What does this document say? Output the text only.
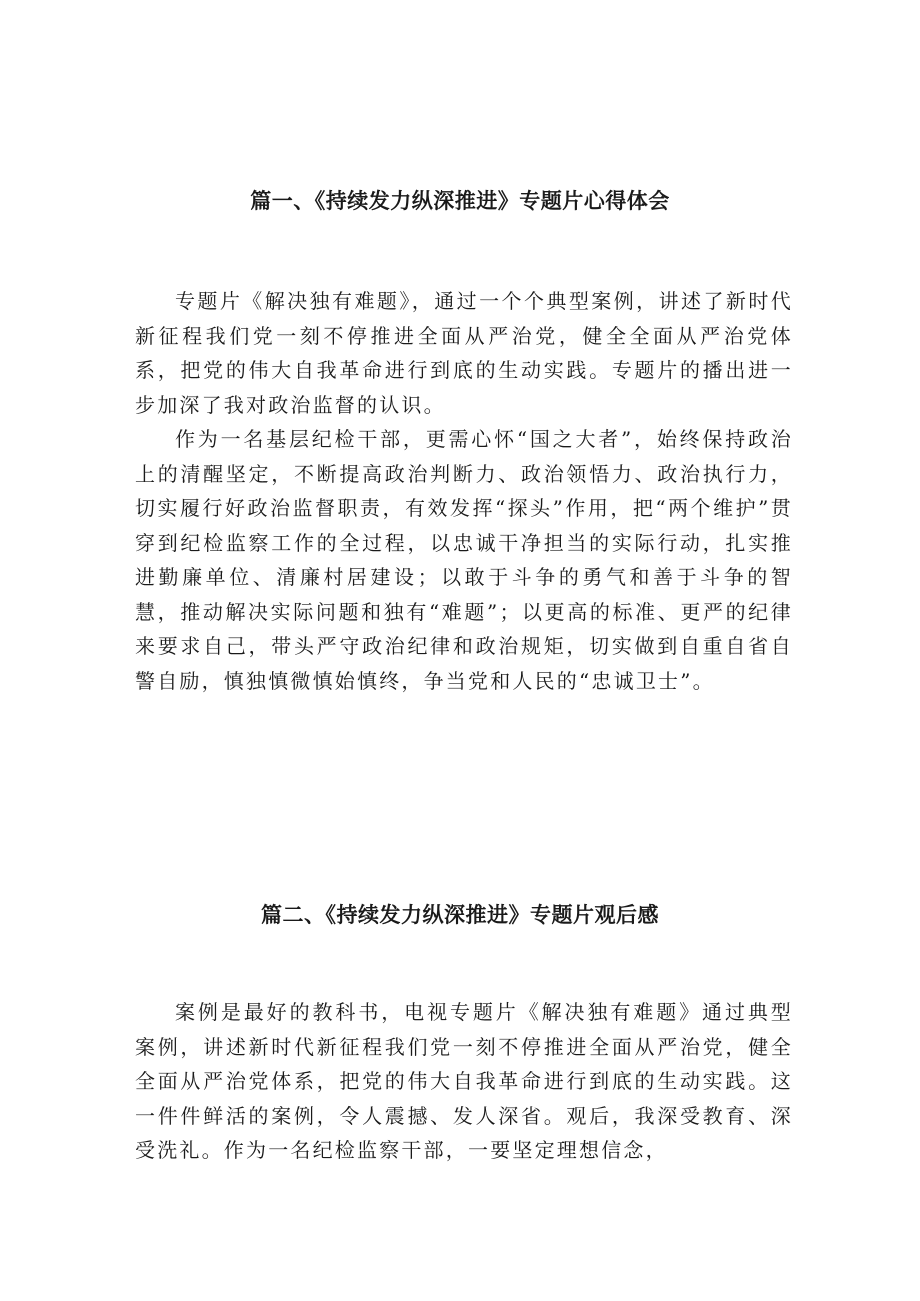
篇一、《持续发力纵深推进》专题片心得体会

专题片《解决独有难题》，通过一个个典型案例，讲述了新时代新征程我们党一刻不停推进全面从严治党，健全全面从严治党体系，把党的伟大自我革命进行到底的生动实践。专题片的播出进一步加深了我对政治监督的认识。

作为一名基层纪检干部，更需心怀“国之大者”，始终保持政治上的清醒坚定，不断提高政治判断力、政治领悟力、政治执行力，切实履行好政治监督职责，有效发挥“探头”作用，把“两个维护”贯穿到纪检监察工作的全过程，以忠诚干净担当的实际行动，扎实推进勤廉单位、清廉村居建设；以敢于斗争的勇气和善于斗争的智慧，推动解决实际问题和独有“难题”；以更高的标准、更严的纪律来要求自己，带头严守政治纪律和政治规矩，切实做到自重自省自警自励，慎独慎微慎始慎终，争当党和人民的“忠诚卫士”。

篇二、《持续发力纵深推进》专题片观后感

案例是最好的教科书，电视专题片《解决独有难题》通过典型案例，讲述新时代新征程我们党一刻不停推进全面从严治党，健全全面从严治党体系，把党的伟大自我革命进行到底的生动实践。这一件件鲜活的案例，令人震撼、发人深省。观后，我深受教育、深受洗礼。作为一名纪检监察干部，一要坚定理想信念，
